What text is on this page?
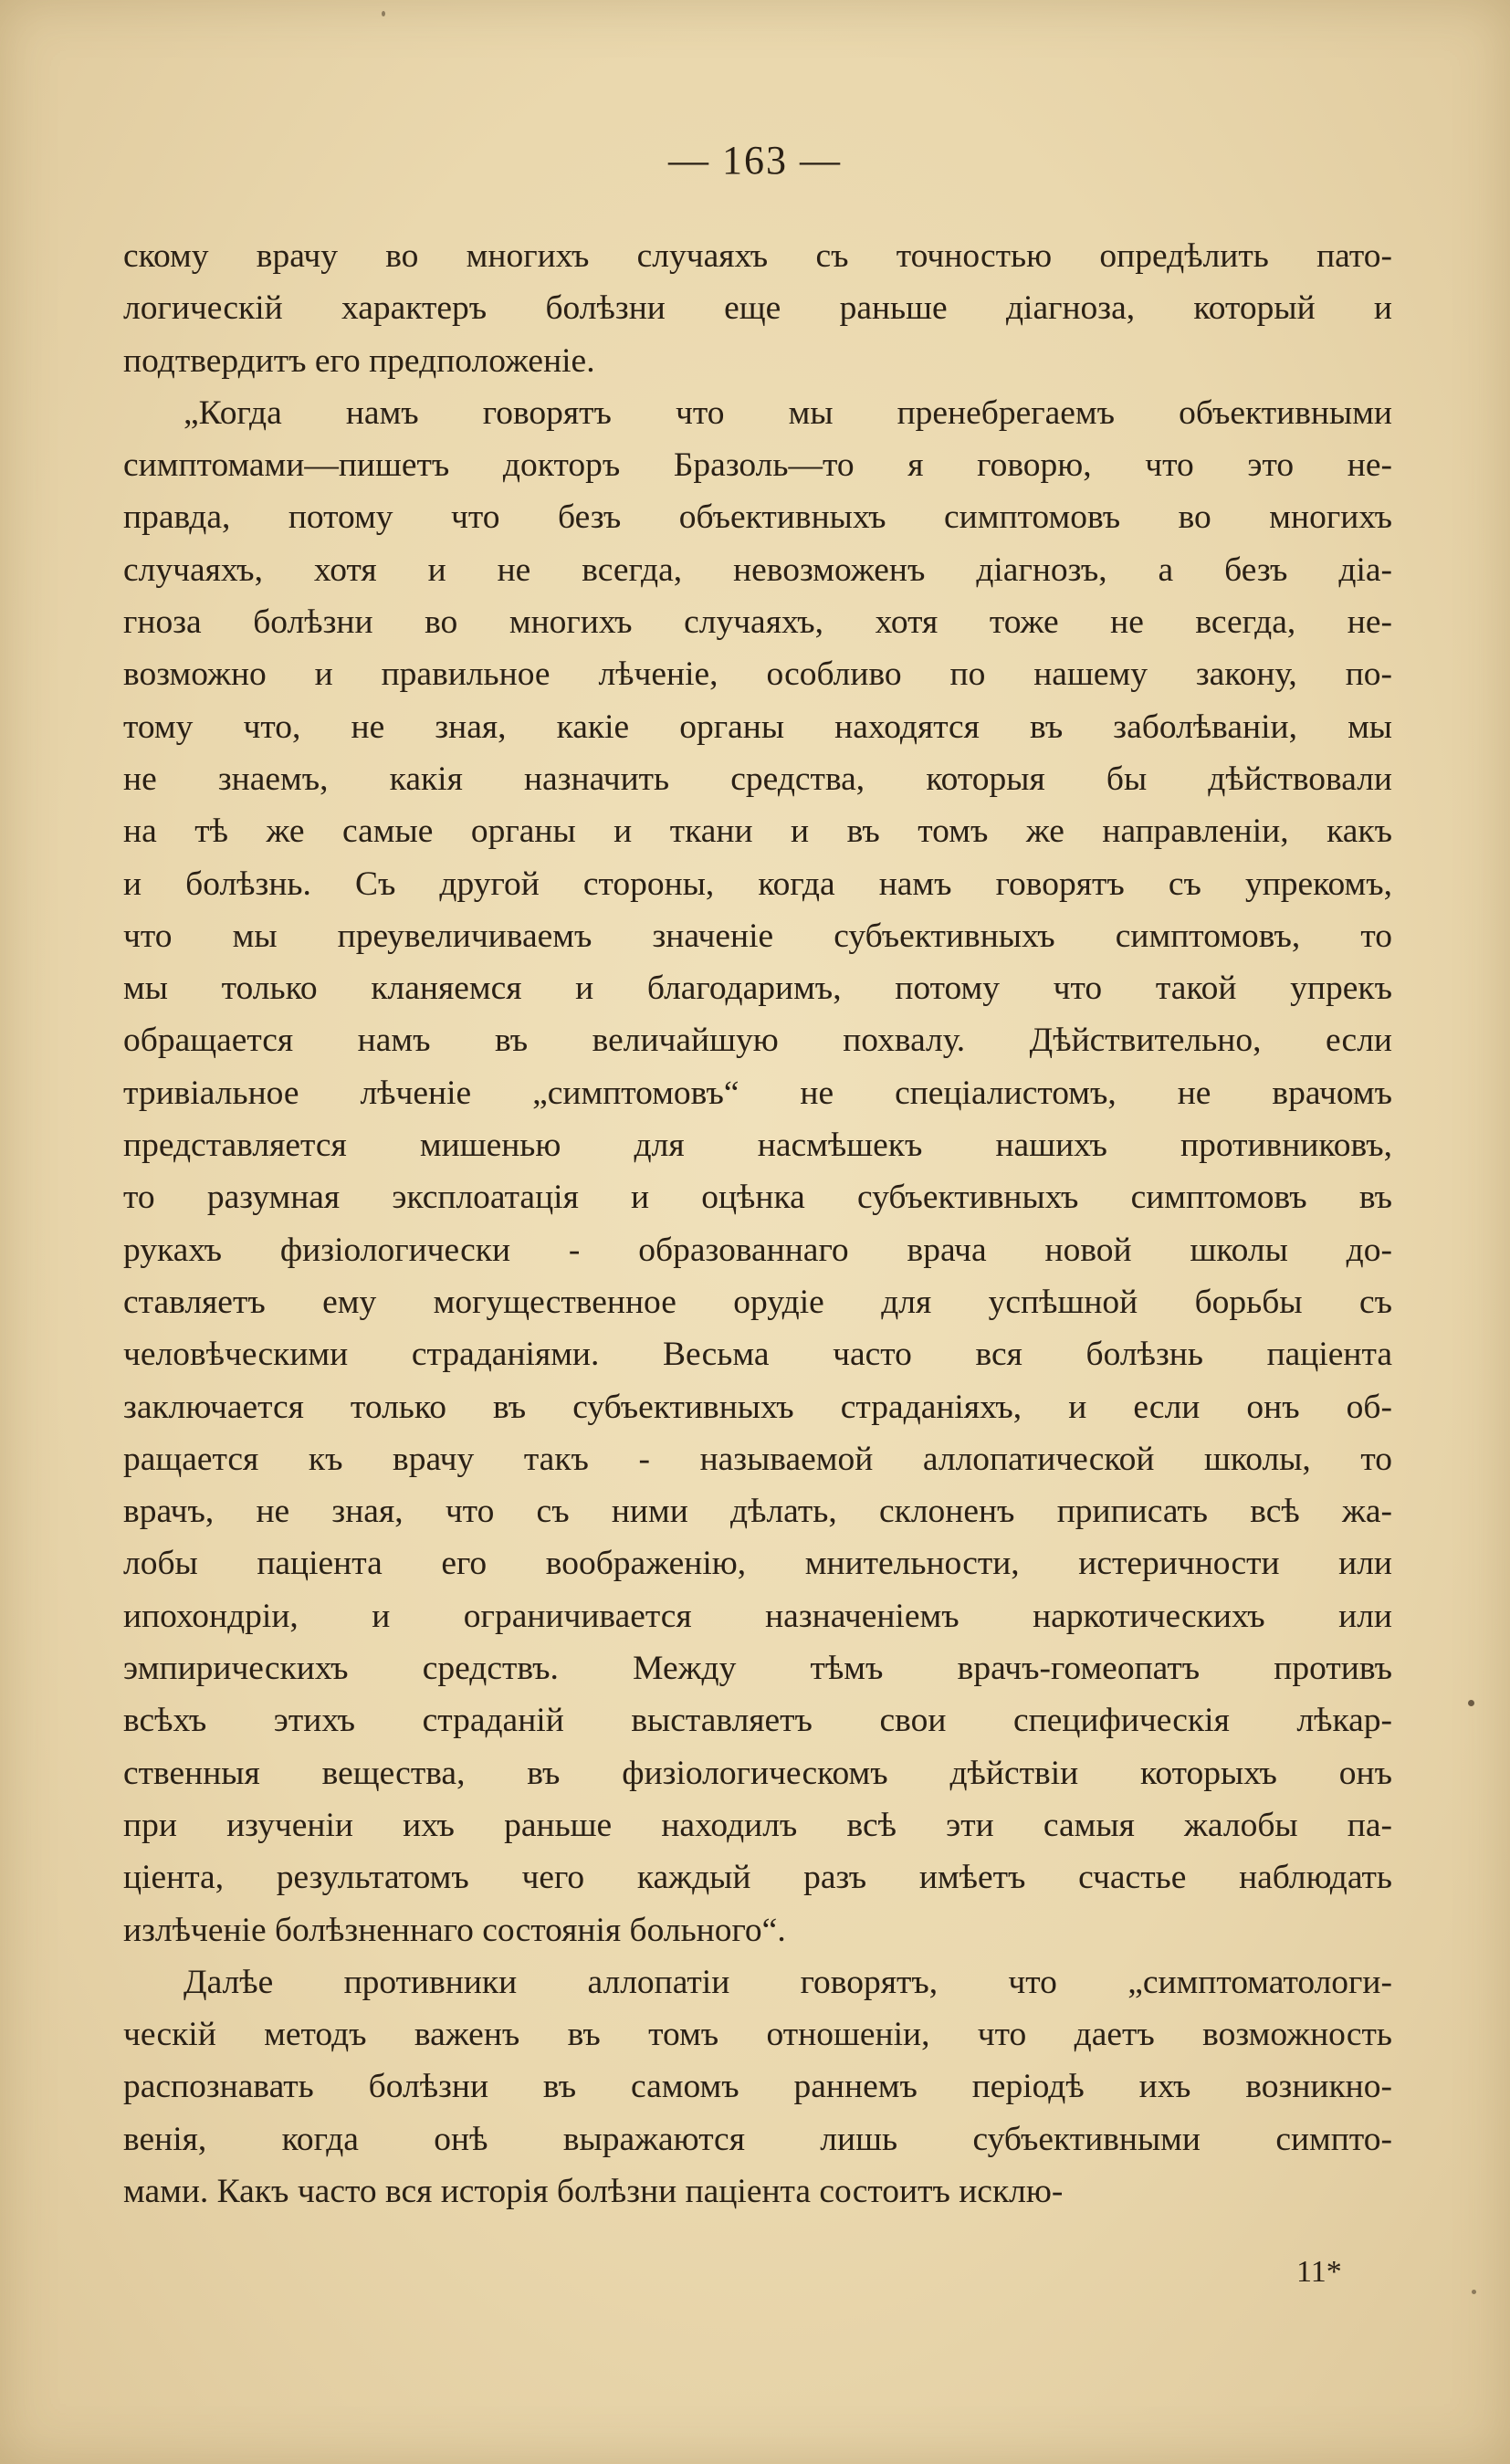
— 163 —
скому врачу во многихъ случаяхъ съ точностью опредѣлить пато-
логическій характеръ болѣзни еще раньше діагноза, который и
подтвердитъ его предположеніе.
„Когда намъ говорятъ что мы пренебрегаемъ объективными
симптомами—пишетъ докторъ Бразоль—то я говорю, что это не-
правда, потому что безъ объективныхъ симптомовъ во многихъ
случаяхъ, хотя и не всегда, невозможенъ діагнозъ, а безъ діа-
гноза болѣзни во многихъ случаяхъ, хотя тоже не всегда, не-
возможно и правильное лѣченіе, особливо по нашему закону, по-
тому что, не зная, какіе органы находятся въ заболѣваніи, мы
не знаемъ, какія назначить средства, которыя бы дѣйствовали
на тѣ же самые органы и ткани и въ томъ же направленіи, какъ
и болѣзнь. Съ другой стороны, когда намъ говорятъ съ упрекомъ,
что мы преувеличиваемъ значеніе субъективныхъ симптомовъ, то
мы только кланяемся и благодаримъ, потому что такой упрекъ
обращается намъ въ величайшую похвалу. Дѣйствительно, если
тривіальное лѣченіе „симптомовъ“ не спеціалистомъ, не врачомъ
представляется мишенью для насмѣшекъ нашихъ противниковъ,
то разумная эксплоатація и оцѣнка субъективныхъ симптомовъ въ
рукахъ физіологически - образованнаго врача новой школы до-
ставляетъ ему могущественное орудіе для успѣшной борьбы съ
человѣческими страданіями. Весьма часто вся болѣзнь паціента
заключается только въ субъективныхъ страданіяхъ, и если онъ об-
ращается къ врачу такъ - называемой аллопатической школы, то
врачъ, не зная, что съ ними дѣлать, склоненъ приписать всѣ жа-
лобы паціента его воображенію, мнительности, истеричности или
ипохондріи, и ограничивается назначеніемъ наркотическихъ или
эмпирическихъ средствъ. Между тѣмъ врачъ-гомеопатъ противъ
всѣхъ этихъ страданій выставляетъ свои специфическія лѣкар-
ственныя вещества, въ физіологическомъ дѣйствіи которыхъ онъ
при изученіи ихъ раньше находилъ всѣ эти самыя жалобы па-
ціента, результатомъ чего каждый разъ имѣетъ счастье наблюдать
излѣченіе болѣзненнаго состоянія больного“.
Далѣе противники аллопатіи говорятъ, что „симптоматологи-
ческій методъ важенъ въ томъ отношеніи, что даетъ возможность
распознавать болѣзни въ самомъ раннемъ періодѣ ихъ возникно-
венія, когда онѣ выражаются лишь субъективными симпто-
мами. Какъ часто вся исторія болѣзни паціента состоитъ исклю-
11*
